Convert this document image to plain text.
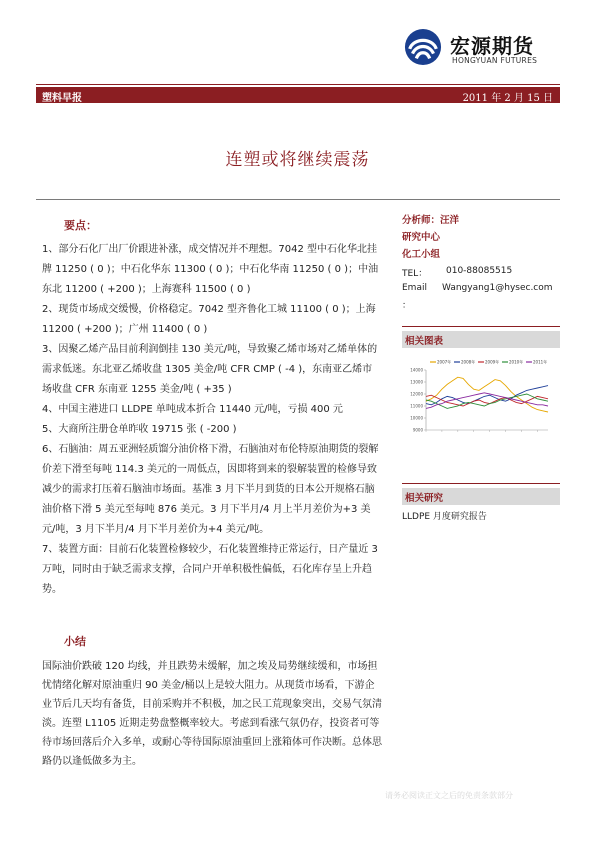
宏源期货
HONGYUAN FUTURES
塑料早报	2011 年 2 月 15 日
连塑或将继续震荡
要点：

1、部分石化厂出厂价跟进补涨，成交情况并不理想。7042 型中石化华北挂牌 11250 ( 0 )；中石化华东 11300 ( 0 )；中石化华南 11250 ( 0 )；中油东北 11200 ( +200 )；上海赛科 11500 ( 0 )

2、现货市场成交缓慢，价格稳定。7042 型齐鲁化工城 11100 ( 0 )；上海 11200 ( +200 )；广州 11400 ( 0 )

3、因聚乙烯产品目前利润倒挂 130 美元/吨，导致聚乙烯市场对乙烯单体的需求低迷。东北亚乙烯收盘 1305 美金/吨 CFR CMP ( -4 )，东南亚乙烯市场收盘 CFR 东南亚 1255 美金/吨 ( +35 )

4、中国主港进口 LLDPE 单吨成本折合 11440 元/吨，亏损 400 元

5、大商所注册仓单昨收 19715 张 ( -200 )

6、石脑油：周五亚洲轻质馏分油价格下滑，石脑油对布伦特原油期货的裂解价差下滑至每吨 114.3 美元的一周低点，因即将到来的裂解装置的检修导致减少的需求打压着石脑油市场面。基准 3 月下半月到货的日本公开规格石脑油价格下滑 5 美元至每吨 876 美元。3 月下半月/4 月上半月差价为+3 美元/吨，3 月下半月/4 月下半月差价为+4 美元/吨。

7、装置方面：目前石化装置检修较少，石化装置维持正常运行，日产量近 3 万吨，同时由于缺乏需求支撑，合同户开单积极性偏低，石化库存呈上升趋势。

小结
国际油价跌破 120 均线，并且跌势未缓解，加之埃及局势继续缓和，市场担忧情绪化解对原油重归 90 美金/桶以上是较大阻力。从现货市场看，下游企业节后几天均有备货，目前采购并不积极，加之民工荒现象突出，交易气氛清淡。连塑 L1105 近期走势盘整概率较大。考虑到看涨气氛仍存，投资者可等待市场回落后介入多单，或耐心等待国际原油重回上涨箱体可作决断。总体思路仍以逢低做多为主。
分析师：汪洋
研究中心
化工小组
TEL：	010-88085515
Email	Wangyang1@hysec.com
：
相关图表
9000
10000
11000
12000
13000
14000
2007年 2008年 2009年 2010年 2011年
相关研究
LLDPE 月度研究报告
请务必阅读正文之后的免责条款部分
